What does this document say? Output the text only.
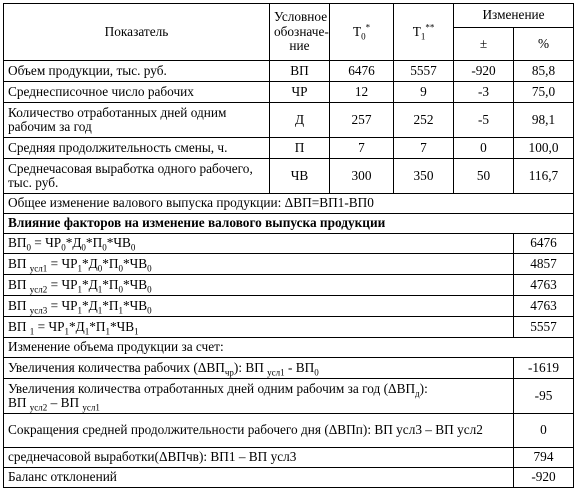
Показатель	Условное обозначе-ние	$T_0^*$	$T_1^{**}$	Изменение	
				±	%
Объем продукции, тыс. руб.	ВП	6476	5557	-920	85,8
Среднесписочное число рабочих	ЧР	12	9	-3	75,0
Количество отработанных дней одним рабочим за год	Д	257	252	-5	98,1
Средняя продолжительность смены, ч.	П	7	7	0	100,0
Среднечасовая выработка одного рабочего, тыс. руб.	ЧВ	300	350	50	116,7
Общее изменение валового выпуска продукции: ΔВП=ВП1-ВП0					
Влияние факторов на изменение валового выпуска продукции					
$ВП_0 = ЧР_0*Д_0*П_0*ЧВ_0$					6476
ВП $_{усл1} = ЧР_1*Д_0*П_0*ЧВ_0$					4857
ВП $_{усл2} = ЧР_1*Д_1*П_0*ЧВ_0$					4763
ВП $_{усл3} = ЧР_1*Д_1*П_1*ЧВ_0$					4763
ВП $_1 = ЧР_1*Д_1*П_1*ЧВ_1$					5557
Изменение объема продукции за счет:					
Увеличения количества рабочих $(\Delta ВП_{чр})$: ВП $_{усл1} - ВП_0$					-1619
Увеличения количества отработанных дней одним рабочим за год $(\Delta ВП_д)$:
ВП $_{усл2}$ – ВП $_{усл1}$					-95
Сокращения средней продолжительности рабочего дня (ΔВПп): ВП усл3 – ВП усл2					0
среднечасовой выработки(ΔВПчв): ВП1 – ВП усл3					794
Баланс отклонений					-920
